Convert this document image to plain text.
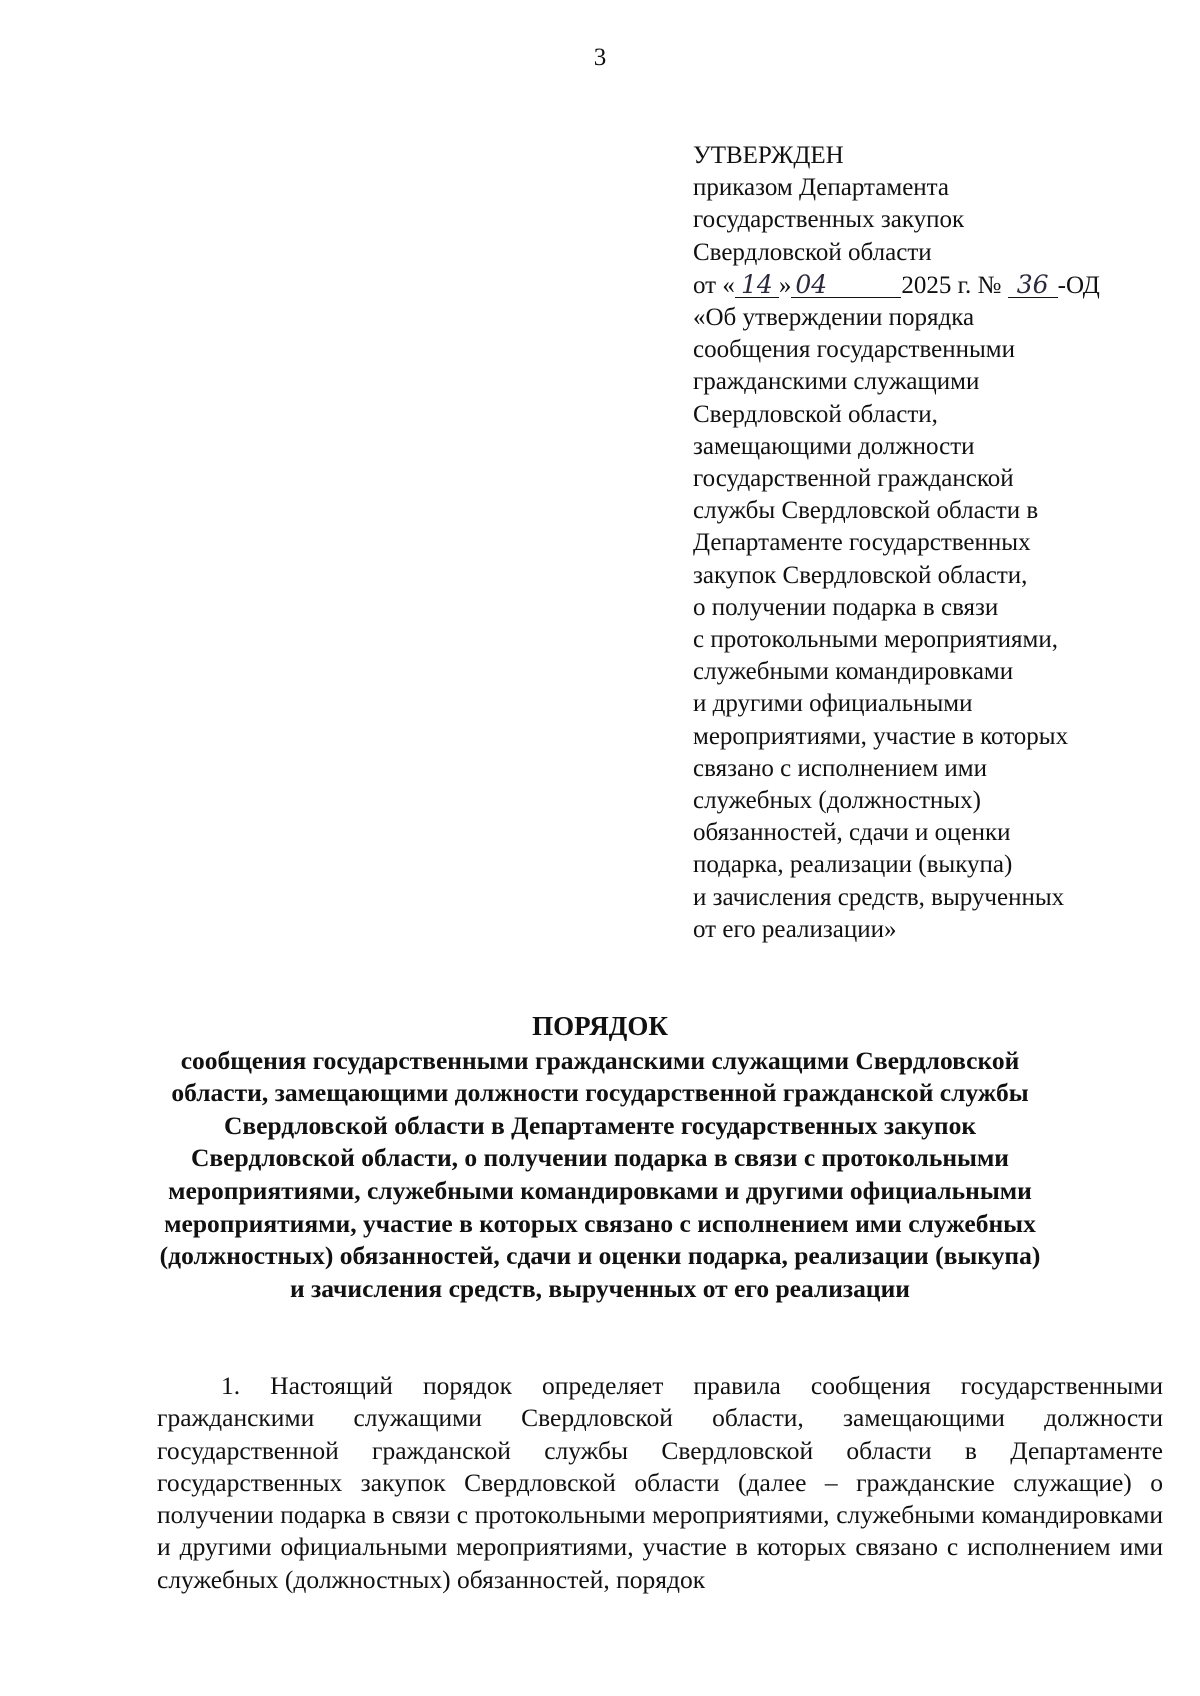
3
УТВЕРЖДЕН
приказом Департамента
государственных закупок
Свердловской области
от « 14 » 04	2025 г. № 36 -ОД
«Об утверждении порядка
сообщения государственными
гражданскими служащими
Свердловской области,
замещающими должности
государственной гражданской
службы Свердловской области в
Департаменте государственных
закупок Свердловской области,
о получении подарка в связи
с протокольными мероприятиями,
служебными командировками
и другими официальными
мероприятиями, участие в которых
связано с исполнением ими
служебных (должностных)
обязанностей, сдачи и оценки
подарка, реализации (выкупа)
и зачисления средств, вырученных
от его реализации»
ПОРЯДОК
сообщения государственными гражданскими служащими Свердловской
области, замещающими должности государственной гражданской службы
Свердловской области в Департаменте государственных закупок
Свердловской области, о получении подарка в связи с протокольными
мероприятиями, служебными командировками и другими официальными
мероприятиями, участие в которых связано с исполнением ими служебных
(должностных) обязанностей, сдачи и оценки подарка, реализации (выкупа)
и зачисления средств, вырученных от его реализации
1. Настоящий порядок определяет правила сообщения государственными гражданскими служащими Свердловской области, замещающими должности государственной гражданской службы Свердловской области в Департаменте государственных закупок Свердловской области (далее – гражданские служащие) о получении подарка в связи с протокольными мероприятиями, служебными командировками и другими официальными мероприятиями, участие в которых связано с исполнением ими служебных (должностных) обязанностей, порядок
